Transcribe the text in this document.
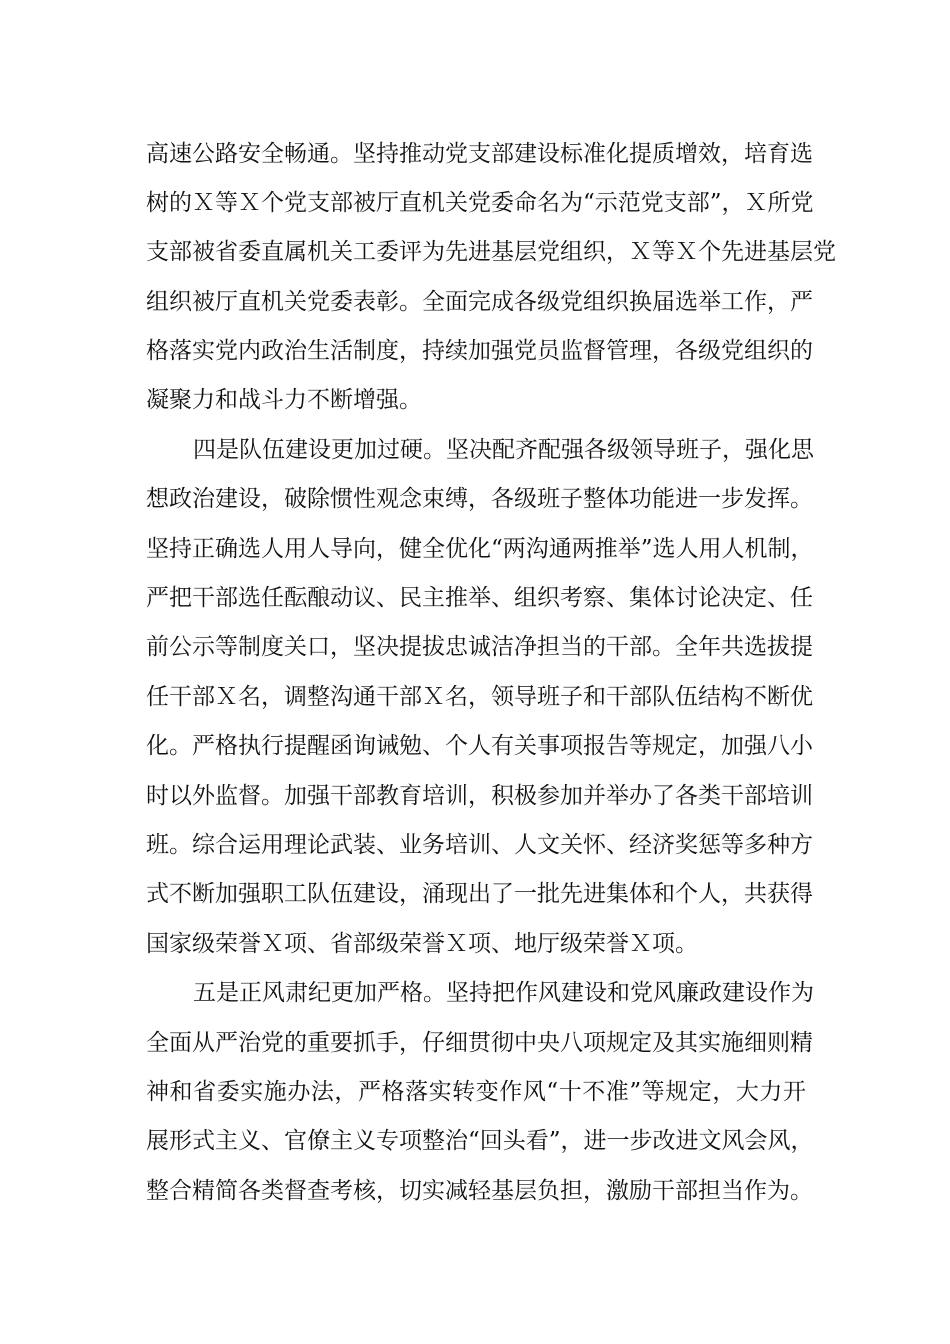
高速公路安全畅通。坚持推动党支部建设标准化提质增效，培育选
树的Ｘ等Ｘ个党支部被厅直机关党委命名为“示范党支部”，Ｘ所党
支部被省委直属机关工委评为先进基层党组织，Ｘ等Ｘ个先进基层党
组织被厅直机关党委表彰。全面完成各级党组织换届选举工作，严
格落实党内政治生活制度，持续加强党员监督管理，各级党组织的
凝聚力和战斗力不断增强。
四是队伍建设更加过硬。坚决配齐配强各级领导班子，强化思
想政治建设，破除惯性观念束缚，各级班子整体功能进一步发挥。
坚持正确选人用人导向，健全优化“两沟通两推举”选人用人机制，
严把干部选任酝酿动议、民主推举、组织考察、集体讨论决定、任
前公示等制度关口，坚决提拔忠诚洁净担当的干部。全年共选拔提
任干部Ｘ名，调整沟通干部Ｘ名，领导班子和干部队伍结构不断优
化。严格执行提醒函询诫勉、个人有关事项报告等规定，加强八小
时以外监督。加强干部教育培训，积极参加并举办了各类干部培训
班。综合运用理论武装、业务培训、人文关怀、经济奖惩等多种方
式不断加强职工队伍建设，涌现出了一批先进集体和个人，共获得
国家级荣誉Ｘ项、省部级荣誉Ｘ项、地厅级荣誉Ｘ项。
五是正风肃纪更加严格。坚持把作风建设和党风廉政建设作为
全面从严治党的重要抓手，仔细贯彻中央八项规定及其实施细则精
神和省委实施办法，严格落实转变作风“十不准”等规定，大力开
展形式主义、官僚主义专项整治“回头看”，进一步改进文风会风，
整合精简各类督查考核，切实减轻基层负担，激励干部担当作为。
